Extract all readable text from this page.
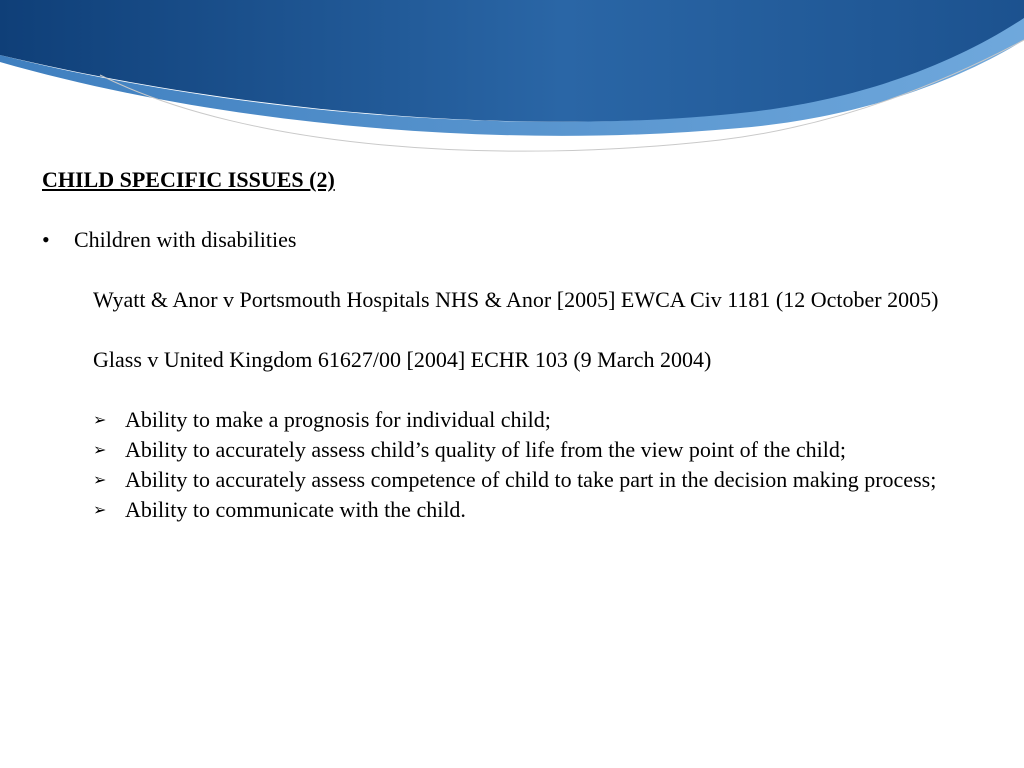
CHILD SPECIFIC ISSUES (2)
•	Children with disabilities
Wyatt & Anor v Portsmouth Hospitals NHS & Anor [2005] EWCA Civ 1181 (12 October 2005)
Glass v United Kingdom 61627/00 [2004] ECHR 103 (9 March 2004)
➢ Ability to make a prognosis for individual child;
➢ Ability to accurately assess child’s quality of life from the view point of the child;
➢ Ability to accurately assess competence of child to take part in the decision making process;
➢ Ability to communicate with the child.
